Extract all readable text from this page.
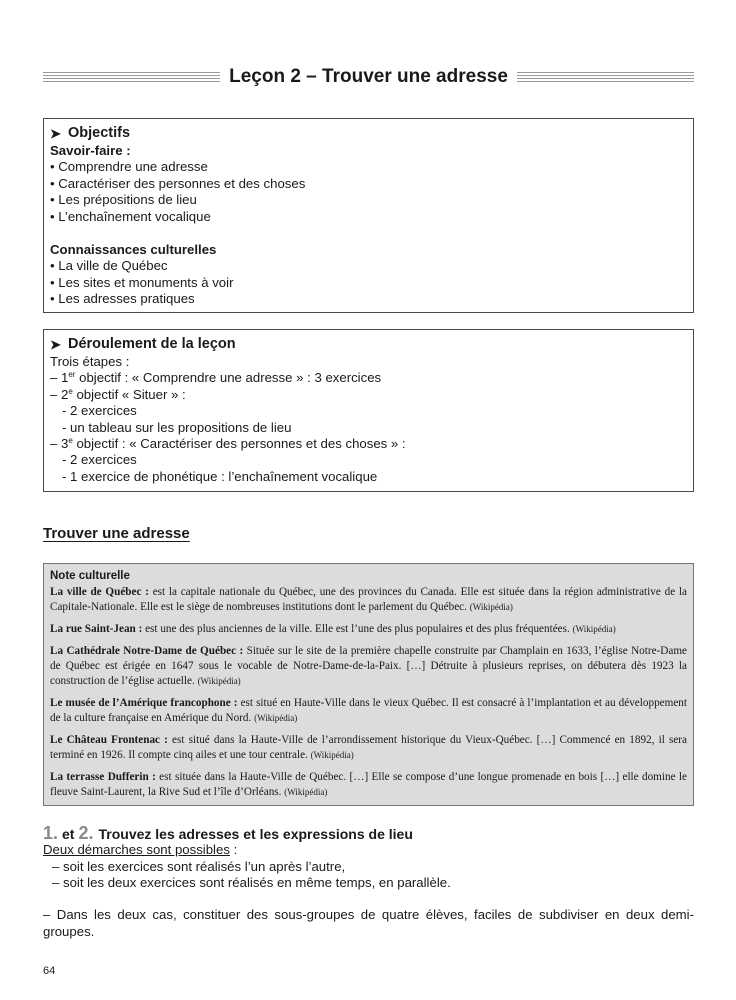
Leçon 2 – Trouver une adresse
➤ Objectifs
Savoir-faire :
• Comprendre une adresse
• Caractériser des personnes et des choses
• Les prépositions de lieu
• L’enchaînement vocalique
Connaissances culturelles
• La ville de Québec
• Les sites et monuments à voir
• Les adresses pratiques
➤ Déroulement de la leçon
Trois étapes :
– 1er objectif : « Comprendre une adresse » : 3 exercices
– 2e objectif « Situer » :
- 2 exercices
- un tableau sur les propositions de lieu
– 3e objectif : « Caractériser des personnes et des choses » :
- 2 exercices
- 1 exercice de phonétique : l’enchaînement vocalique
Trouver une adresse
Note culturelle

La ville de Québec : est la capitale nationale du Québec, une des provinces du Canada. Elle est située dans la région administrative de la Capitale-Nationale. Elle est le siège de nombreuses institutions dont le parlement du Québec. (Wikipédia)

La rue Saint-Jean : est une des plus anciennes de la ville. Elle est l’une des plus populaires et des plus fréquentées. (Wikipédia)

La Cathédrale Notre-Dame de Québec : Située sur le site de la première chapelle construite par Champlain en 1633, l’église Notre-Dame de Québec est érigée en 1647 sous le vocable de Notre-Dame-de-la-Paix. […] Détruite à plusieurs reprises, on débutera dès 1923 la construction de l’église actuelle. (Wikipédia)

Le musée de l’Amérique francophone : est situé en Haute-Ville dans le vieux Québec. Il est consacré à l’implantation et au développement de la culture française en Amérique du Nord. (Wikipédia)

Le Château Frontenac : est situé dans la Haute-Ville de l’arrondissement historique du Vieux-Québec. […] Commencé en 1892, il sera terminé en 1926. Il compte cinq ailes et une tour centrale. (Wikipédia)

La terrasse Dufferin : est située dans la Haute-Ville de Québec. […] Elle se compose d’une longue promenade en bois […] elle domine le fleuve Saint-Laurent, la Rive Sud et l’île d’Orléans. (Wikipédia)

1. et 2. Trouvez les adresses et les expressions de lieu
Deux démarches sont possibles :
– soit les exercices sont réalisés l’un après l’autre,
– soit les deux exercices sont réalisés en même temps, en parallèle.
– Dans les deux cas, constituer des sous-groupes de quatre élèves, faciles de subdiviser en deux demi-groupes.
64
